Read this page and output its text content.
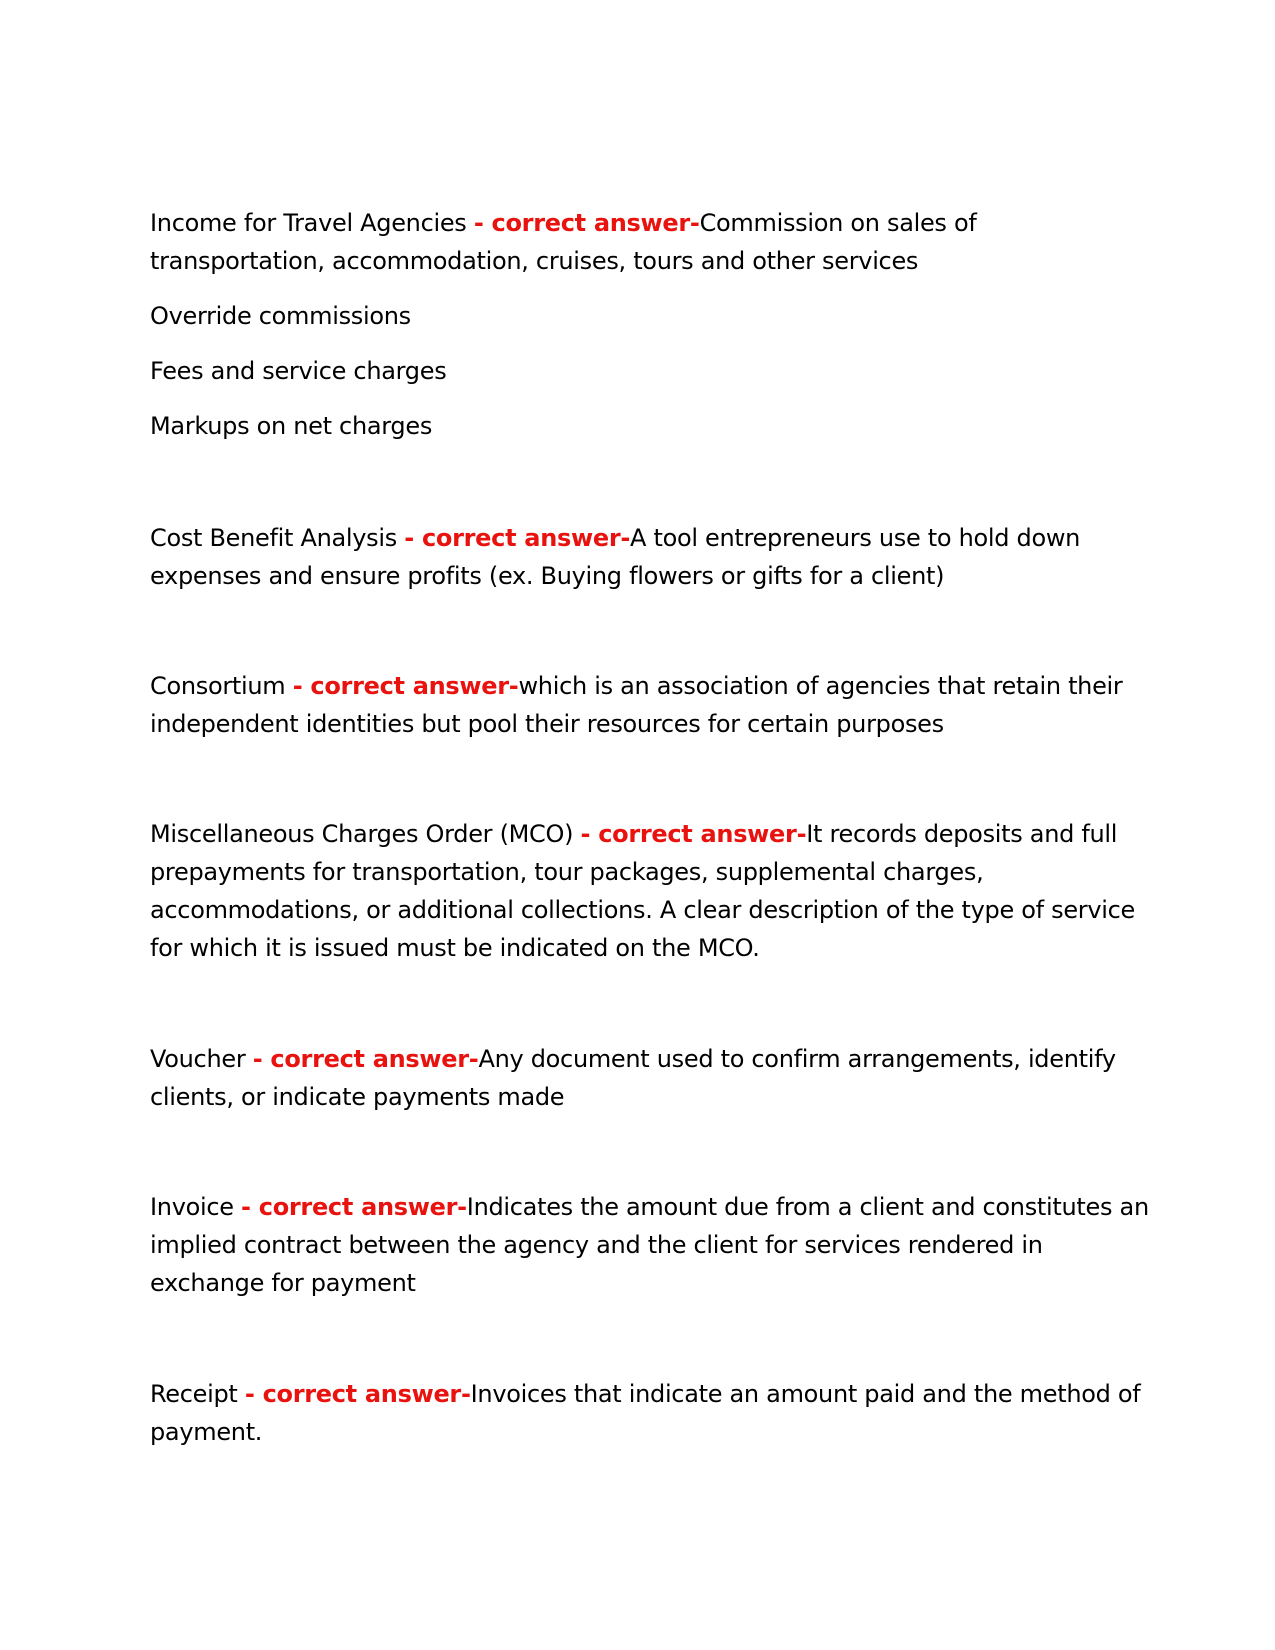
Income for Travel Agencies - correct answer-Commission on sales of transportation, accommodation, cruises, tours and other services

Override commissions

Fees and service charges

Markups on net charges

Cost Benefit Analysis - correct answer-A tool entrepreneurs use to hold down expenses and ensure profits (ex. Buying flowers or gifts for a client)

Consortium - correct answer-which is an association of agencies that retain their independent identities but pool their resources for certain purposes

Miscellaneous Charges Order (MCO) - correct answer-It records deposits and full prepayments for transportation, tour packages, supplemental charges, accommodations, or additional collections. A clear description of the type of service for which it is issued must be indicated on the MCO.

Voucher - correct answer-Any document used to confirm arrangements, identify clients, or indicate payments made

Invoice - correct answer-Indicates the amount due from a client and constitutes an implied contract between the agency and the client for services rendered in exchange for payment

Receipt - correct answer-Invoices that indicate an amount paid and the method of payment.
